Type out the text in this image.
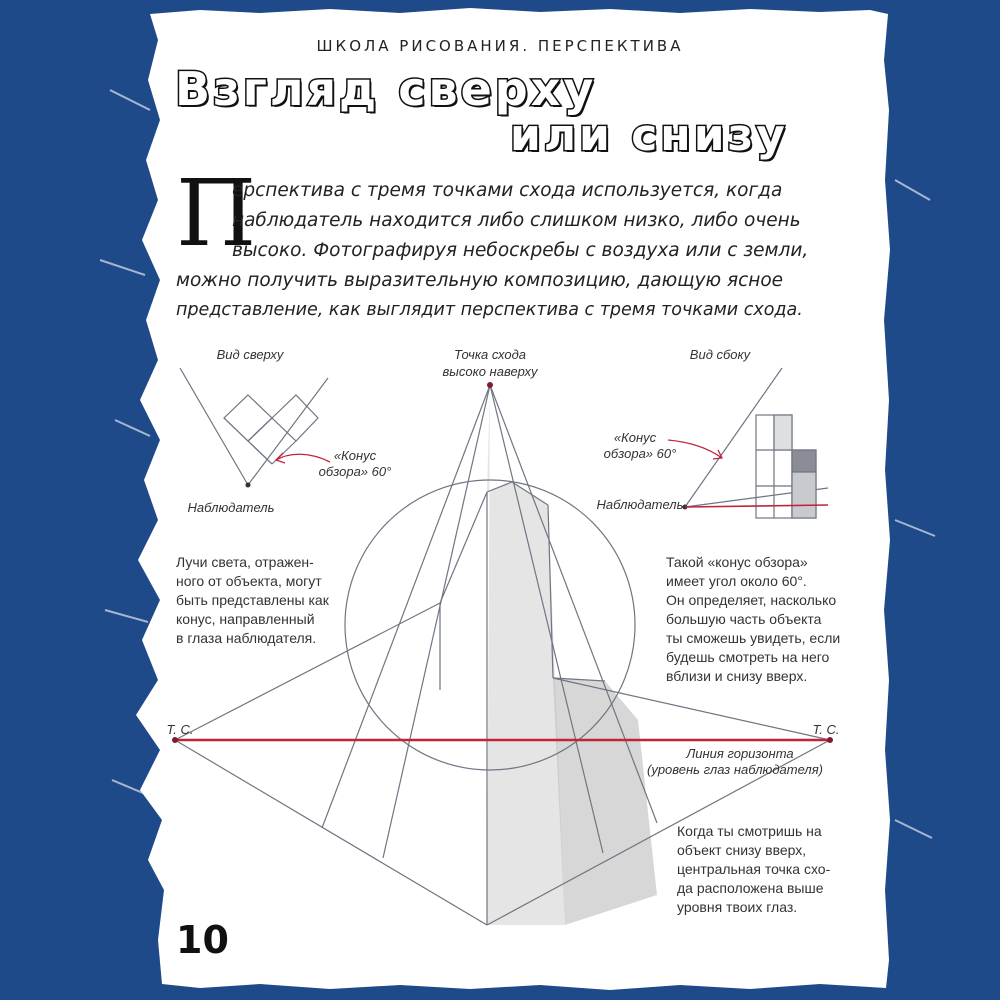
ШКОЛА РИСОВАНИЯ. ПЕРСПЕКТИВА
Взгляд сверху
или снизу
П
ерспектива с тремя точками схода используется, когда
наблюдатель находится либо слишком низко, либо очень
высоко. Фотографируя небоскребы с воздуха или с земли,
можно получить выразительную композицию, дающую ясное
представление, как выглядит перспектива с тремя точками схода.
Вид сверху
«Конус
обзора» 60°
Наблюдатель
Точка схода
высоко наверху
Вид сбоку
«Конус
обзора» 60°
Наблюдатель
Т. С.	Т. С.
Линия горизонта
(уровень глаз наблюдателя)
Лучи света, отражен-
ного от объекта, могут
быть представлены как
конус, направленный
в глаза наблюдателя.
Такой «конус обзора»
имеет угол около 60°.
Он определяет, насколько
большую часть объекта
ты сможешь увидеть, если
будешь смотреть на него
вблизи и снизу вверх.
Когда ты смотришь на
объект снизу вверх,
центральная точка схо-
да расположена выше
уровня твоих глаз.
10
